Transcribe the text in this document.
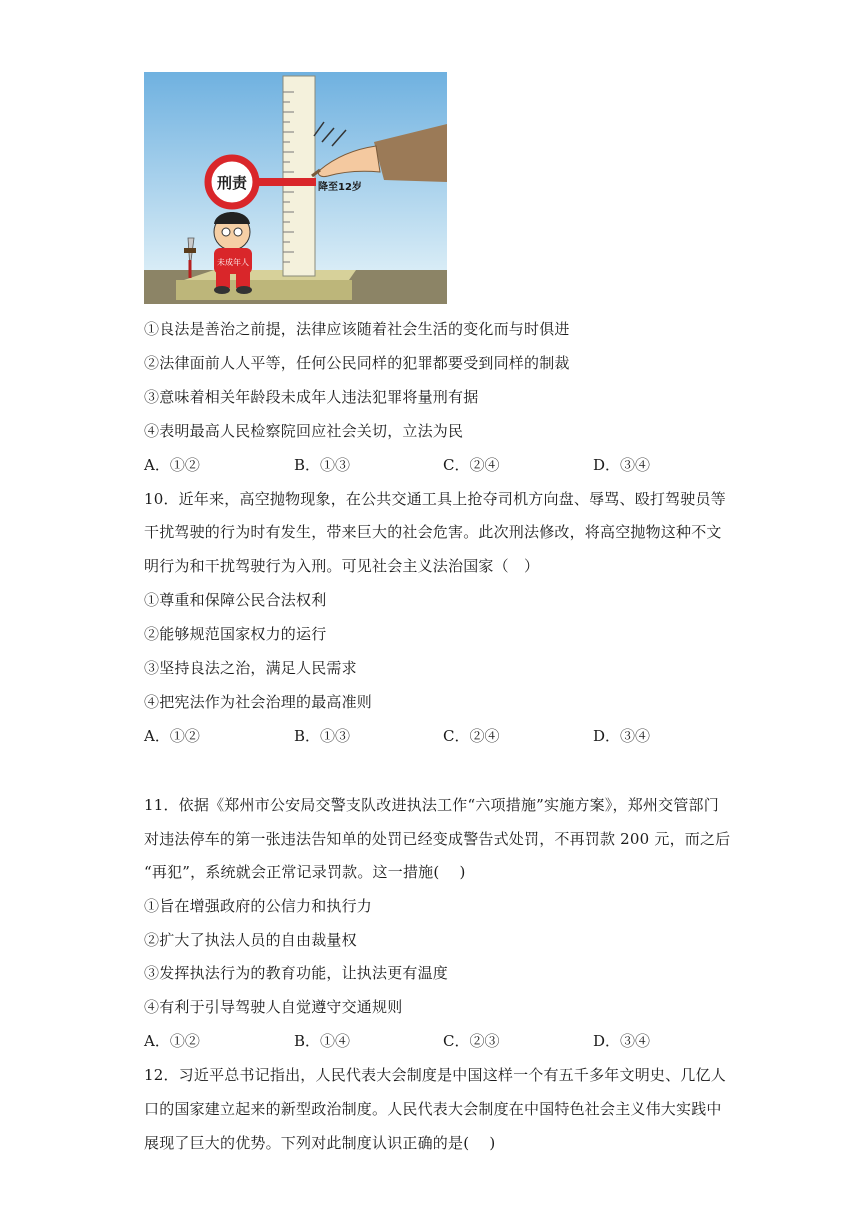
刑责	降至12岁
未成年人
①良法是善治之前提，法律应该随着社会生活的变化而与时俱进
②法律面前人人平等，任何公民同样的犯罪都要受到同样的制裁
③意味着相关年龄段未成年人违法犯罪将量刑有据
④表明最高人民检察院回应社会关切，立法为民
A．①②	B．①③	C．②④	D．③④
10．近年来，高空抛物现象，在公共交通工具上抢夺司机方向盘、辱骂、殴打驾驶员等
干扰驾驶的行为时有发生，带来巨大的社会危害。此次刑法修改，将高空抛物这种不文
明行为和干扰驾驶行为入刑。可见社会主义法治国家（　）
①尊重和保障公民合法权利
②能够规范国家权力的运行
③坚持良法之治，满足人民需求
④把宪法作为社会治理的最高准则
A．①②	B．①③	C．②④	D．③④
11．依据《郑州市公安局交警支队改进执法工作“六项措施”实施方案》，郑州交管部门
对违法停车的第一张违法告知单的处罚已经变成警告式处罚，不再罚款 200 元，而之后
“再犯”，系统就会正常记录罚款。这一措施(　 )
①旨在增强政府的公信力和执行力
②扩大了执法人员的自由裁量权
③发挥执法行为的教育功能，让执法更有温度
④有利于引导驾驶人自觉遵守交通规则
A．①②	B．①④	C．②③	D．③④
12．习近平总书记指出，人民代表大会制度是中国这样一个有五千多年文明史、几亿人
口的国家建立起来的新型政治制度。人民代表大会制度在中国特色社会主义伟大实践中
展现了巨大的优势。下列对此制度认识正确的是(　 )
